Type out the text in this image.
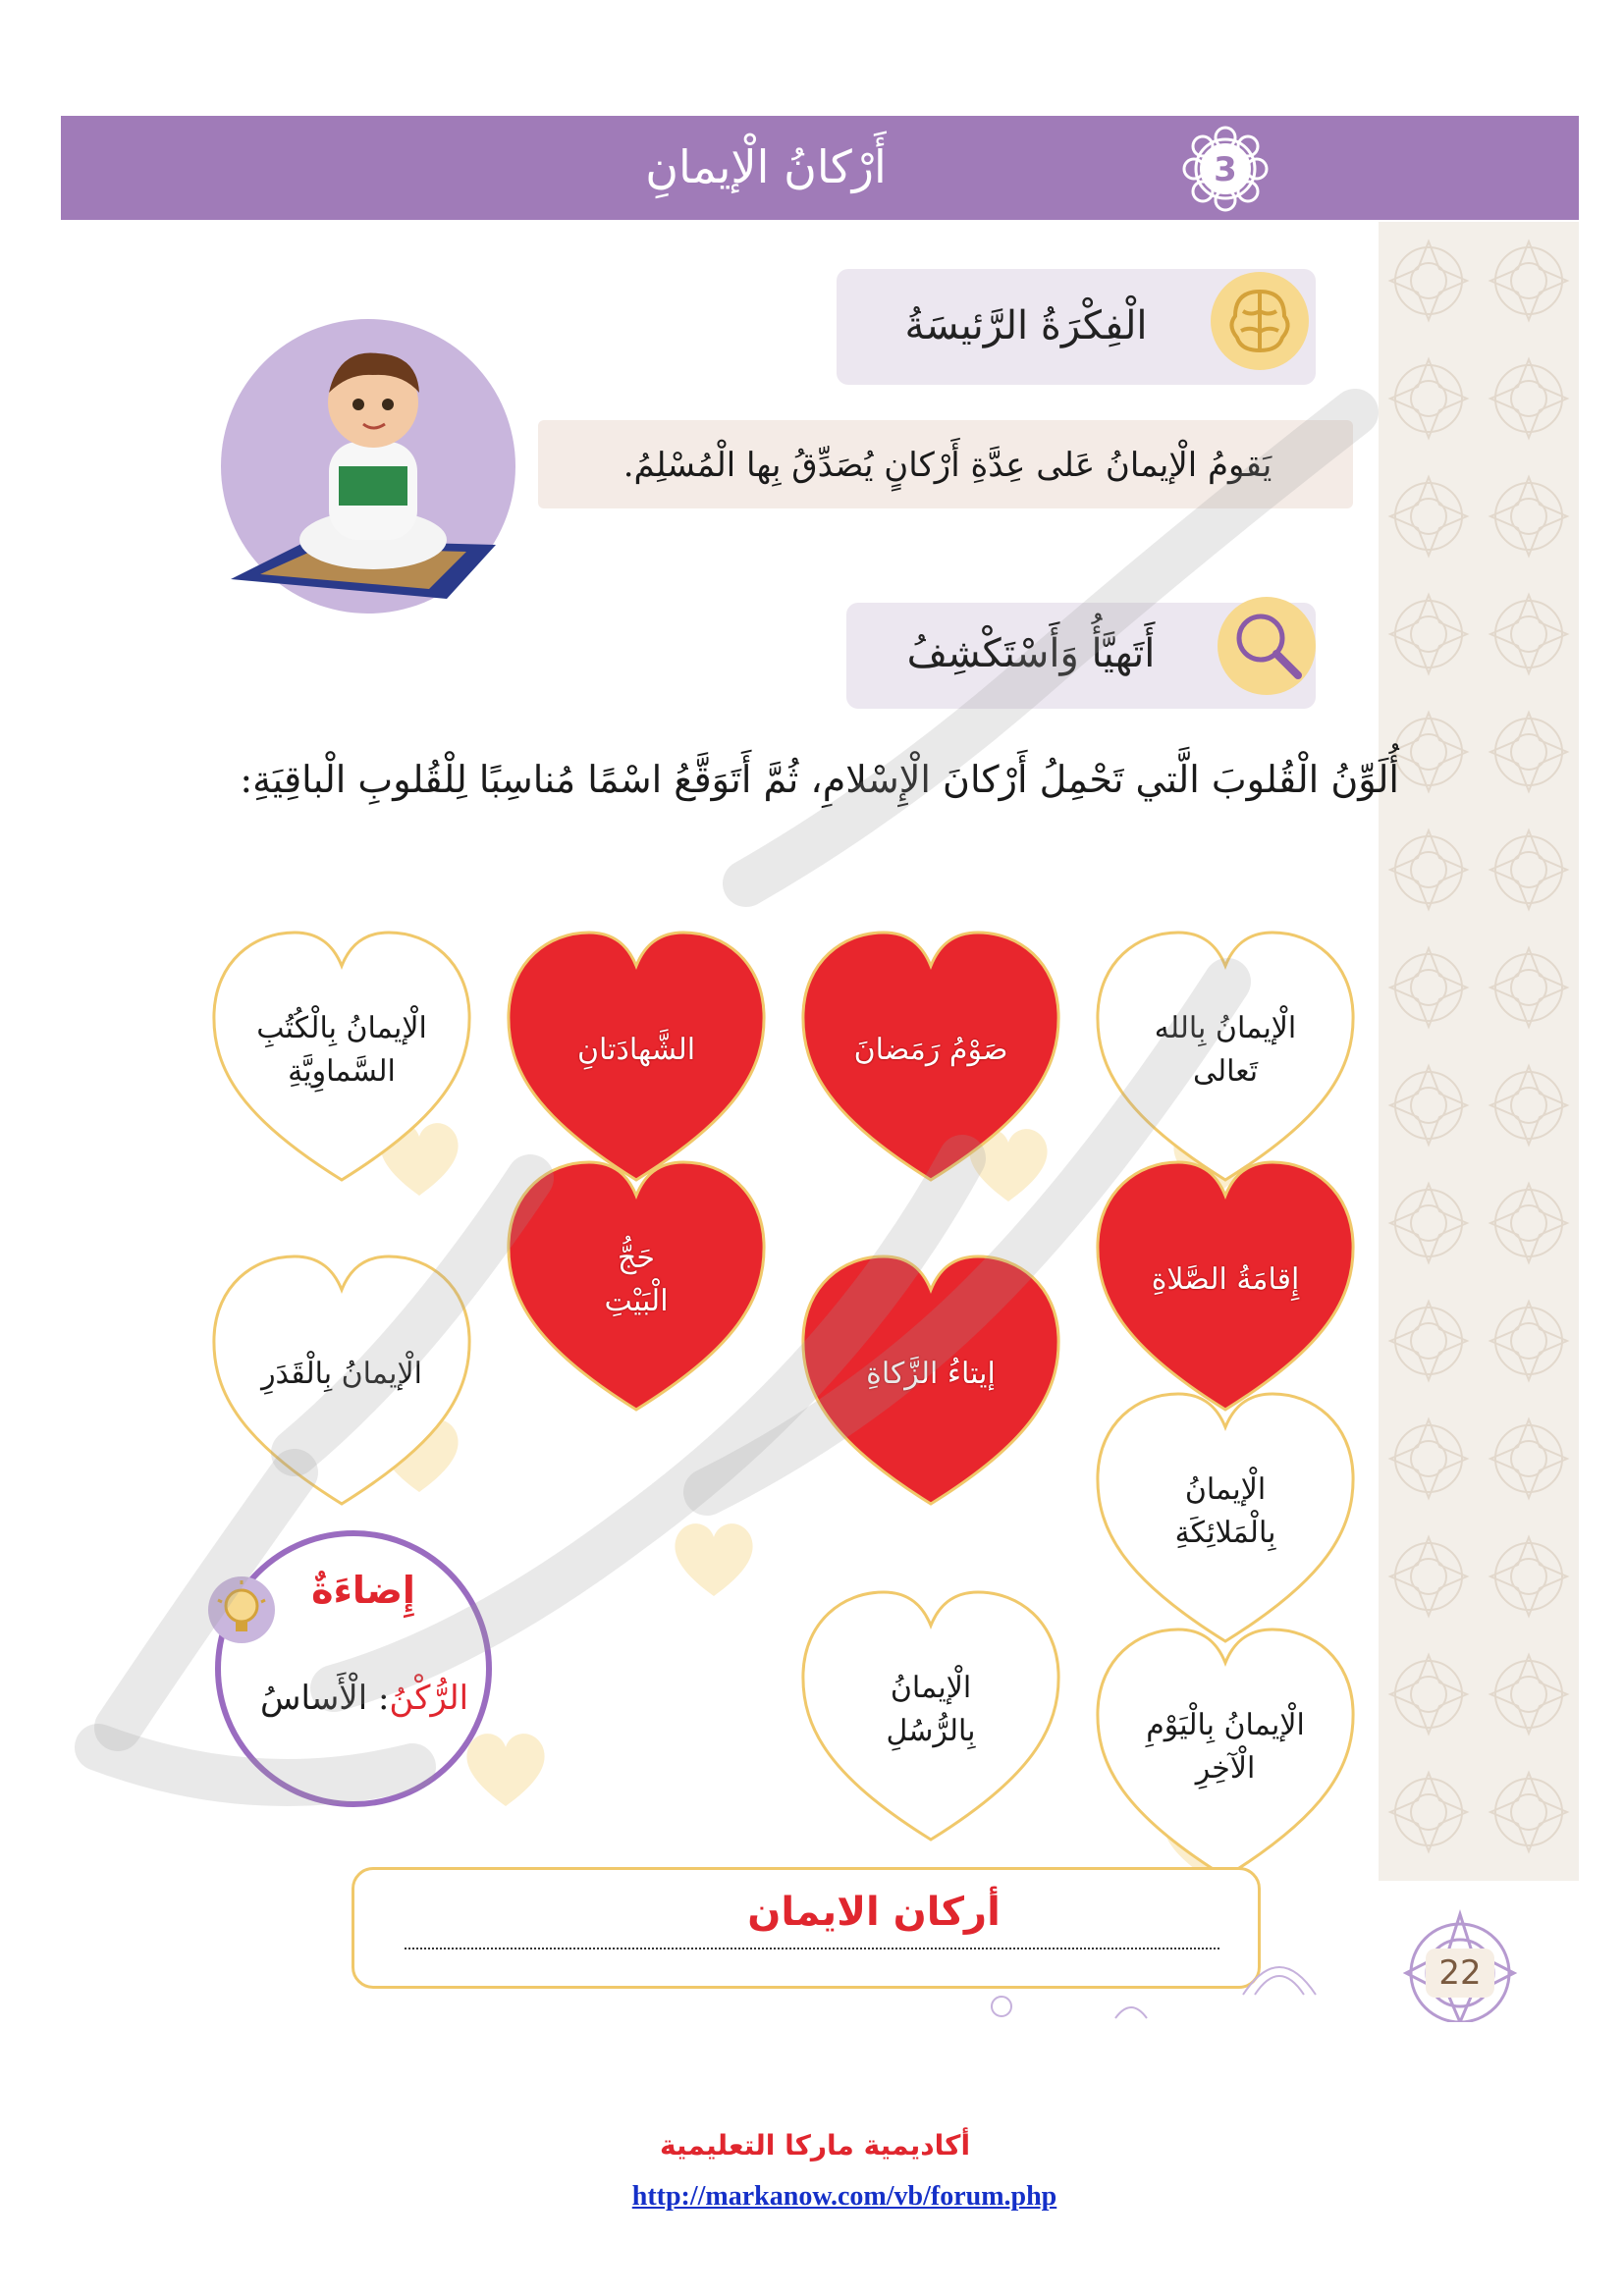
أَرْكانُ الْإيمانِ	3
الْفِكْرَةُ الرَّئيسَةُ
يَقومُ الْإيمانُ عَلى عِدَّةِ أَرْكانٍ يُصَدِّقُ بِها الْمُسْلِمُ.
أَتَهيَّأُ وَأَسْتَكْشِفُ
أُلَوِّنُ الْقُلوبَ الَّتي تَحْمِلُ أَرْكانَ الْإِسْلامِ، ثُمَّ أَتَوَقَّعُ اسْمًا مُناسِبًا لِلْقُلوبِ الْباقِيَةِ:
الْإيمانُ بِالله
تَعالى
صَوْمُ رَمَضانَ
الشَّهادَتانِ
الْإيمانُ بِالْكُتُبِ
السَّماوِيَّةِ
إِقامَةُ الصَّلاةِ
حَجُّ
الْبَيْتِ
إيتاءُ الزَّكاةِ
الْإيمانُ بِالْقَدَرِ
الْإيمانُ
بِالْمَلائِكَةِ
الْإيمانُ
بِالرُّسُلِ	الْإيمانُ بِالْيَوْمِ
الْآخِرِ
إِضاءَةٌ
الرُّكْنُ: الْأَساسُ
أركان الايمان
22
أكاديمية ماركا التعليمية
http://markanow.com/vb/forum.php
